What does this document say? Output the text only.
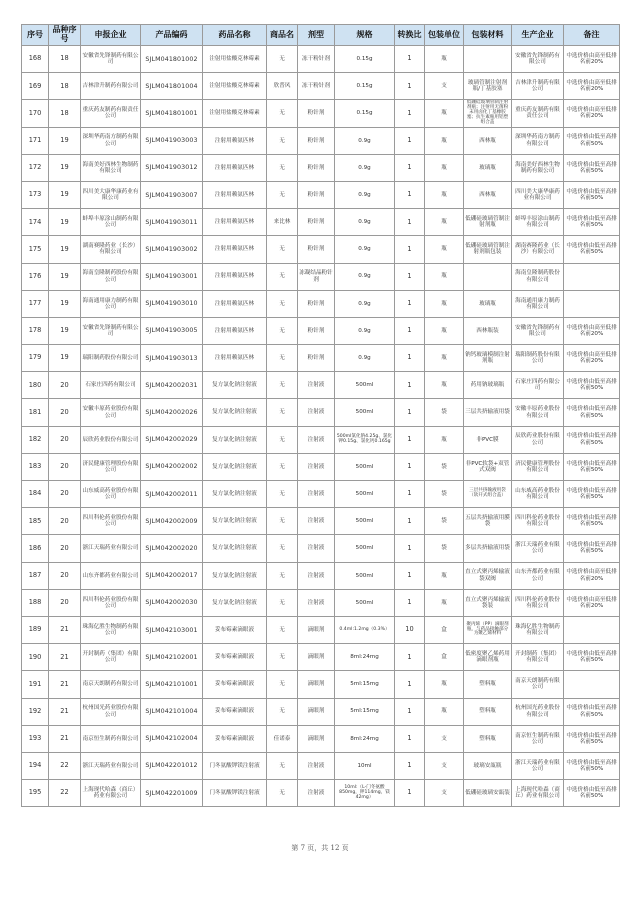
序号	品种序号	申报企业	产品编码	药品名称	商品名	剂型	规格	转换比	包装单位	包装材料	生产企业	备注
168	18	安徽省先锋制药有限公司	SJLM041801002	注射用盐酸克林霉素	无	冻干粉针剂	0.15g	1	瓶		安徽省先锋制药有限公司	中选价格由高至低排名前20%
169	18	吉林津升制药有限公司	SJLM041801004	注射用盐酸克林霉素	欣普风	冻干粉针剂	0.15g	1	支	玻璃管制注射剂瓶/丁基胶塞	吉林津升制药有限公司	中选价格由高至低排名前20%
170	18	重庆药友制药有限责任公司	SJLM041801001	注射用盐酸克林霉素	无	粉针剂	0.15g	1	瓶	低硼硅玻璃管制注射剂瓶；注射用无菌粉末用卤化丁基橡胶塞；抗生素瓶用铝塑组合盖	重庆药友制药有限责任公司	中选价格由高至低排名前20%
171	19	深圳华药南方制药有限公司	SJLM041903003	注射用赖氨匹林	无	粉针剂	0.9g	1	瓶	西林瓶	深圳华药南方制药有限公司	中选价格由低至高排名前50%
172	19	海南美好西林生物制药有限公司	SJLM041903012	注射用赖氨匹林	无	粉针剂	0.9g	1	瓶	玻璃瓶	海南美好西林生物制药有限公司	中选价格由低至高排名前50%
173	19	四川美大康华康药业有限公司	SJLM041903007	注射用赖氨匹林	无	粉针剂	0.9g	1	瓶	西林瓶	四川美大康华康药业有限公司	中选价格由低至高排名前50%
174	19	蚌埠丰原涂山制药有限公司	SJLM041903011	注射用赖氨匹林	来比林	粉针剂	0.9g	1	瓶	低硼硅玻璃管制注射剂瓶	蚌埠丰原涂山制药有限公司	中选价格由低至高排名前50%
175	19	湖南赛隆药业（长沙）有限公司	SJLM041903002	注射用赖氨匹林	无	粉针剂	0.9g	1	瓶	低硼硅玻璃管制注射剂瓶包装	湖南赛隆药业（长沙）有限公司	中选价格由低至高排名前50%
176	19	海南皇隆制药股份有限公司	SJLM041903001	注射用赖氨匹林	无	冻凝结晶粉针剂	0.9g	1	瓶		海南皇隆制药股份有限公司	
177	19	海南通用康力制药有限公司	SJLM041903010	注射用赖氨匹林	无	粉针剂	0.9g	1	瓶	玻璃瓶	海南通用康力制药有限公司	
178	19	安徽省先锋制药有限公司	SJLM041903005	注射用赖氨匹林	无	粉针剂	0.9g	1	瓶	西林瓶装	安徽省先锋制药有限公司	中选价格由高至低排名前20%
179	19	瑞阳制药股份有限公司	SJLM041903013	注射用赖氨匹林	无	粉针剂	0.9g	1	瓶	钠钙玻璃模制注射剂瓶	瑞阳制药股份有限公司	中选价格由高至低排名前20%
180	20	石家庄四药有限公司	SJLM042002031	复方氯化钠注射液	无	注射液	500ml	1	瓶	药用钠玻璃瓶	石家庄四药有限公司	中选价格由低至高排名前50%
181	20	安徽丰原药业股份有限公司	SJLM042002026	复方氯化钠注射液	无	注射液	500ml	1	袋	三层共挤输液用袋	安徽丰原药业股份有限公司	中选价格由低至高排名前50%
182	20	辰欣药业股份有限公司	SJLM042002029	复方氯化钠注射液	无	注射液	500ml氯化钠4.25g、氯化钾0.15g、氯化钙0.165g	1	瓶	非PVC膜	辰欣药业股份有限公司	中选价格由低至高排名前50%
183	20	济民健康管理股份有限公司	SJLM042002002	复方氯化钠注射液	无	注射液	500ml	1	袋	非PVC软袋+双管式双阀	济民健康管理股份有限公司	中选价格由低至高排名前50%
184	20	山东威高药业股份有限公司	SJLM042002011	复方氯化钠注射液	无	注射液	500ml	1	袋	三层共挤输液用袋（软开式组合盖）	山东威高药业股份有限公司	中选价格由低至高排名前50%
185	20	四川科伦药业股份有限公司	SJLM042002009	复方氯化钠注射液	无	注射液	500ml	1	袋	五层共挤输液用膜袋	四川科伦药业股份有限公司	中选价格由低至高排名前50%
186	20	浙江天瑞药业有限公司	SJLM042002020	复方氯化钠注射液	无	注射液	500ml	1	袋	多层共挤输液用袋	浙江天瑞药业有限公司	中选价格由低至高排名前50%
187	20	山东齐都药业有限公司	SJLM042002017	复方氯化钠注射液	无	注射液	500ml	1	瓶	直立式聚丙烯输液袋双阀	山东齐都药业有限公司	中选价格由高至低排名前20%
188	20	四川科伦药业股份有限公司	SJLM042002030	复方氯化钠注射液	无	注射液	500ml	1	瓶	直立式聚丙烯输液袋装	四川科伦药业股份有限公司	中选价格由高至低排名前20%
189	21	珠海亿胜生物制药有限公司	SJLM042103001	妥布霉素滴眼液	无	滴眼剂	0.4ml:1.2mg（0.3%）	10	盒	聚丙烯（PP）滴眼剂瓶，与药品接触部分为聚乙烯材料	珠海亿胜生物制药有限公司	
190	21	开封制药（集团）有限公司	SJLM042102001	妥布霉素滴眼液	无	滴眼剂	8ml:24mg	1	盒	低密度聚乙烯药用滴眼剂瓶	开封制药（集团）有限公司	中选价格由低至高排名前50%
191	21	南京天朗制药有限公司	SJLM042101001	妥布霉素滴眼液	无	滴眼剂	5ml:15mg	1	瓶	塑料瓶	南京天朗制药有限公司	
192	21	杭州国光药业股份有限公司	SJLM042101004	妥布霉素滴眼液	无	滴眼剂	5ml:15mg	1	瓶	塑料瓶	杭州国光药业股份有限公司	中选价格由低至高排名前50%
193	21	南京恒生制药有限公司	SJLM042102004	妥布霉素滴眼液	佳诺泰	滴眼剂	8ml:24mg	1	支	塑料瓶	南京恒生制药有限公司	中选价格由低至高排名前50%
194	22	浙江天瑞药业有限公司	SJLM042201012	门冬氨酸钾镁注射液	无	注射液	10ml	1	支	玻璃安瓿瓶	浙江天瑞药业有限公司	中选价格由低至高排名前50%
195	22	上海现代哈森（商丘）药业有限公司	SJLM042201009	门冬氨酸钾镁注射液	无	注射液	10ml:（L-门冬氨酸850mg，钾114mg，镁42mg）	1	支	低硼硅玻璃安瓿装	上海现代哈森（商丘）药业有限公司	中选价格由低至高排名前50%
第 7 页，共 12 页
